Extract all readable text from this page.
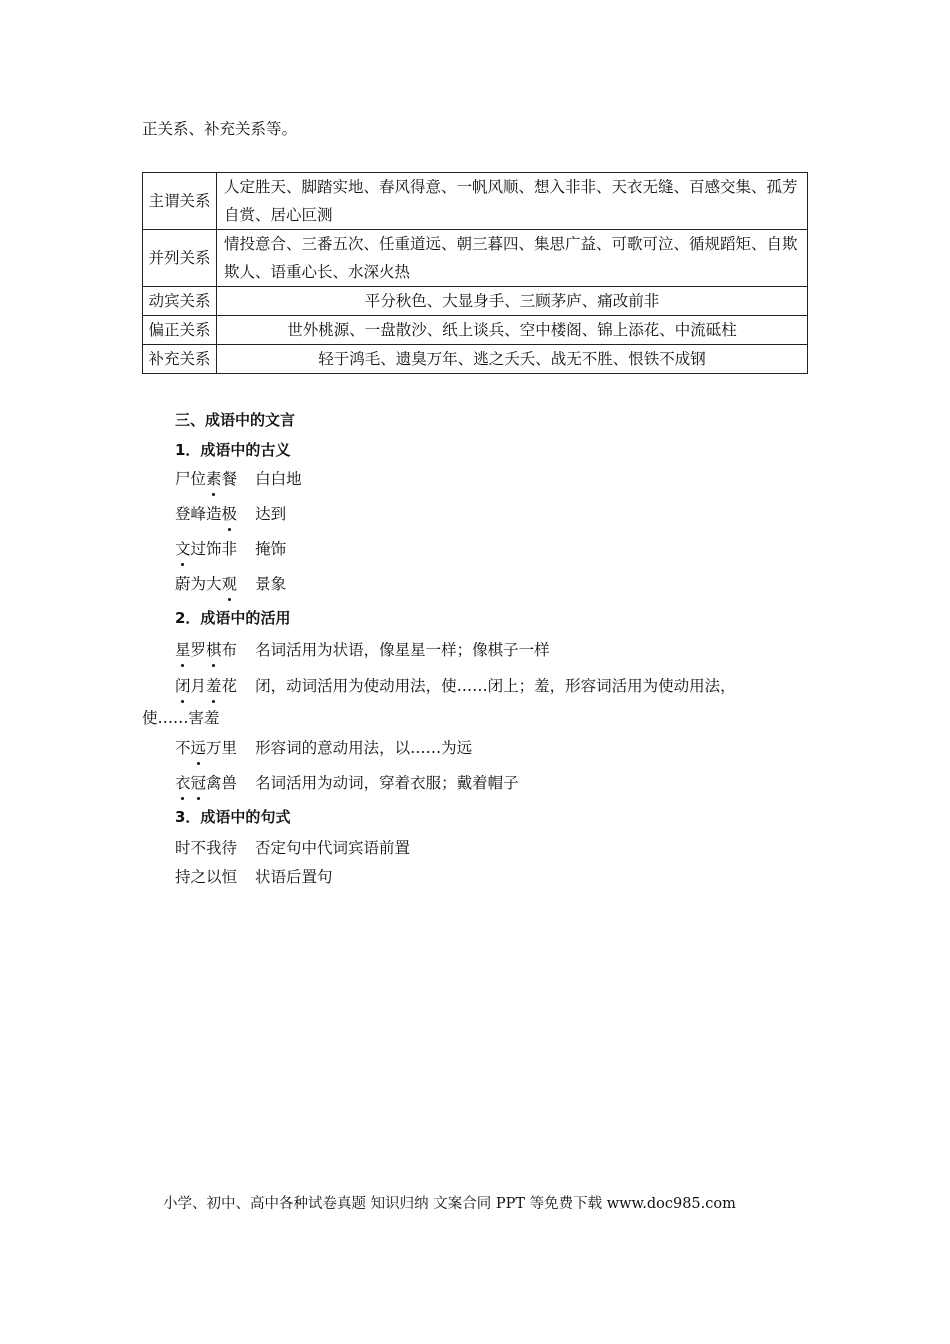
正关系、补充关系等。
主谓关系	人定胜天、脚踏实地、春风得意、一帆风顺、想入非非、天衣无缝、百感交集、孤芳自赏、居心叵测
并列关系	情投意合、三番五次、任重道远、朝三暮四、集思广益、可歌可泣、循规蹈矩、自欺欺人、语重心长、水深火热
动宾关系	平分秋色、大显身手、三顾茅庐、痛改前非
偏正关系	世外桃源、一盘散沙、纸上谈兵、空中楼阁、锦上添花、中流砥柱
补充关系	轻于鸿毛、遗臭万年、逃之夭夭、战无不胜、恨铁不成钢
三、成语中的文言
1．成语中的古义
尸位素餐 白白地
登峰造极 达到
文过饰非 掩饰
蔚为大观 景象
2．成语中的活用
星罗棋布 名词活用为状语，像星星一样；像棋子一样
闭月羞花 闭，动词活用为使动用法，使……闭上；羞，形容词活用为使动用法，
使……害羞
不远万里 形容词的意动用法，以……为远
衣冠禽兽 名词活用为动词，穿着衣服；戴着帽子
3．成语中的句式
时不我待 否定句中代词宾语前置
持之以恒 状语后置句
小学、初中、高中各种试卷真题 知识归纳 文案合同 PPT 等免费下载 www.doc985.com
